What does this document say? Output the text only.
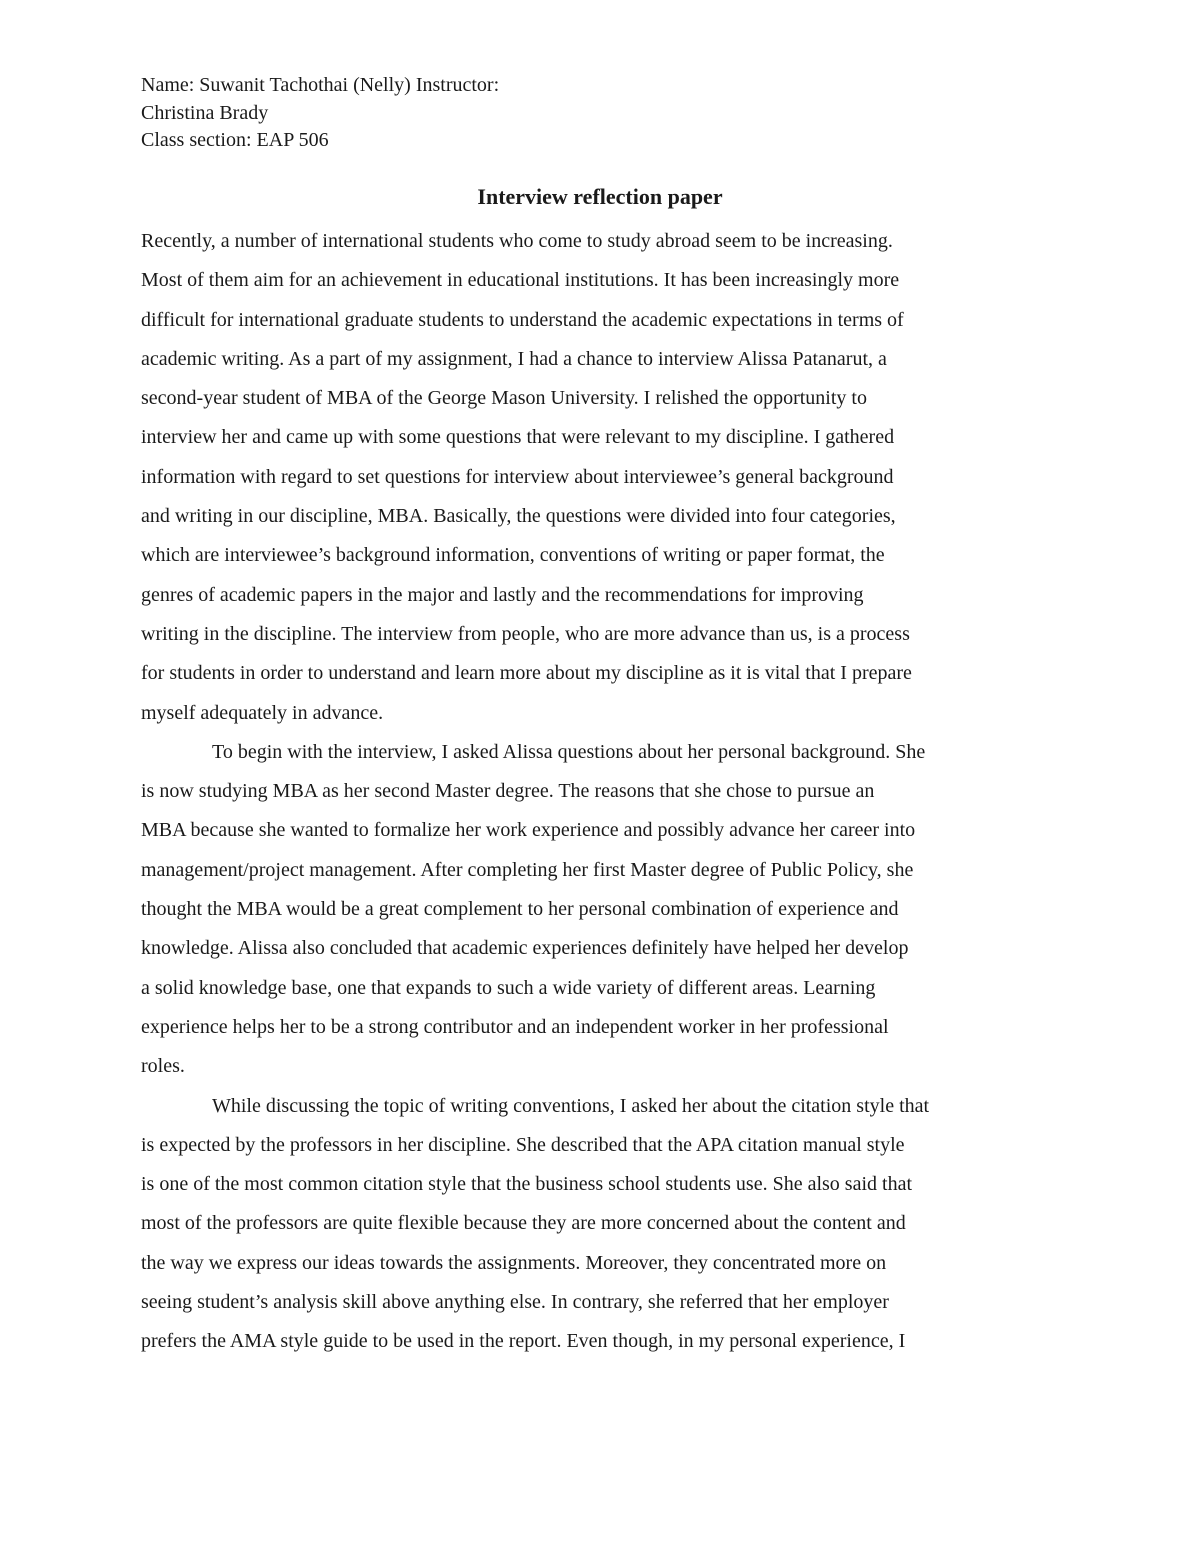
Name: Suwanit Tachothai (Nelly) Instructor:
Christina Brady
Class section: EAP 506
Interview reflection paper
Recently, a number of international students who come to study abroad seem to be increasing.
Most of them aim for an achievement in educational institutions. It has been increasingly more
difficult for international graduate students to understand the academic expectations in terms of
academic writing. As a part of my assignment, I had a chance to interview Alissa Patanarut, a
second-year student of MBA of the George Mason University. I relished the opportunity to
interview her and came up with some questions that were relevant to my discipline. I gathered
information with regard to set questions for interview about interviewee’s general background
and writing in our discipline, MBA. Basically, the questions were divided into four categories,
which are interviewee’s background information, conventions of writing or paper format, the
genres of academic papers in the major and lastly and the recommendations for improving
writing in the discipline. The interview from people, who are more advance than us, is a process
for students in order to understand and learn more about my discipline as it is vital that I prepare
myself adequately in advance.
To begin with the interview, I asked Alissa questions about her personal background. She
is now studying MBA as her second Master degree. The reasons that she chose to pursue an
MBA because she wanted to formalize her work experience and possibly advance her career into
management/project management. After completing her first Master degree of Public Policy, she
thought the MBA would be a great complement to her personal combination of experience and
knowledge. Alissa also concluded that academic experiences definitely have helped her develop
a solid knowledge base, one that expands to such a wide variety of different areas. Learning
experience helps her to be a strong contributor and an independent worker in her professional
roles.
While discussing the topic of writing conventions, I asked her about the citation style that
is expected by the professors in her discipline. She described that the APA citation manual style
is one of the most common citation style that the business school students use. She also said that
most of the professors are quite flexible because they are more concerned about the content and
the way we express our ideas towards the assignments. Moreover, they concentrated more on
seeing student’s analysis skill above anything else. In contrary, she referred that her employer
prefers the AMA style guide to be used in the report. Even though, in my personal experience, I
